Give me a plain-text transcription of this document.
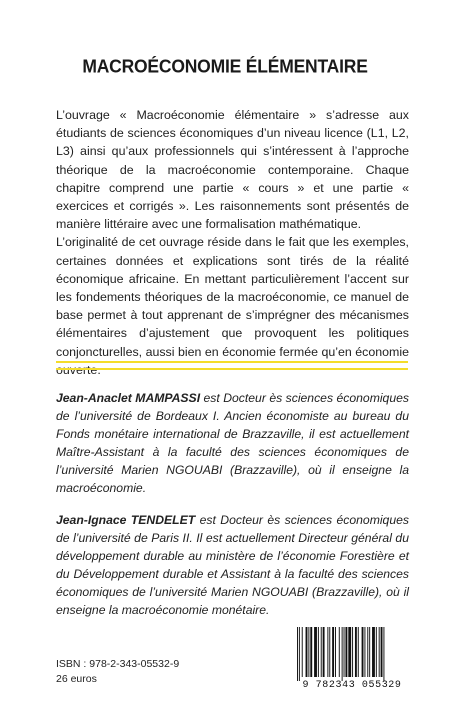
MACROÉCONOMIE ÉLÉMENTAIRE

L’ouvrage « Macroéconomie élémentaire » s’adresse aux étudiants de sciences économiques d’un niveau licence (L1, L2, L3) ainsi qu’aux professionnels qui s’intéressent à l’approche théorique de la macroéconomie contemporaine. Chaque chapitre comprend une partie « cours » et une partie « exercices et corrigés ». Les raisonnements sont présentés de manière littéraire avec une formalisation mathématique.

L’originalité de cet ouvrage réside dans le fait que les exemples, certaines données et explications sont tirés de la réalité économique africaine. En mettant particulièrement l’accent sur les fondements théoriques de la macroéconomie, ce manuel de base permet à tout apprenant de s’imprégner des mécanismes élémentaires d’ajustement que provoquent les politiques conjoncturelles, aussi bien en économie fermée qu’en économie

Jean-Anaclet MAMPASSI est Docteur ès sciences économiques de l’université de Bordeaux I. Ancien économiste au bureau du Fonds monétaire international de Brazzaville, il est actuellement Maître-Assistant à la faculté des sciences économiques de l’université Marien NGOUABI (Brazzaville), où il enseigne la macroéconomie.

Jean-Ignace TENDELET est Docteur ès sciences économiques de l’université de Paris II. Il est actuellement Directeur général du développement durable au ministère de l’économie Forestière et du Développement durable et Assistant à la faculté des sciences économiques de l’université Marien NGOUABI (Brazzaville), où il enseigne la macroéconomie monétaire.

ISBN : 978-2-343-05532-9
26 euros
9 782343 055329
